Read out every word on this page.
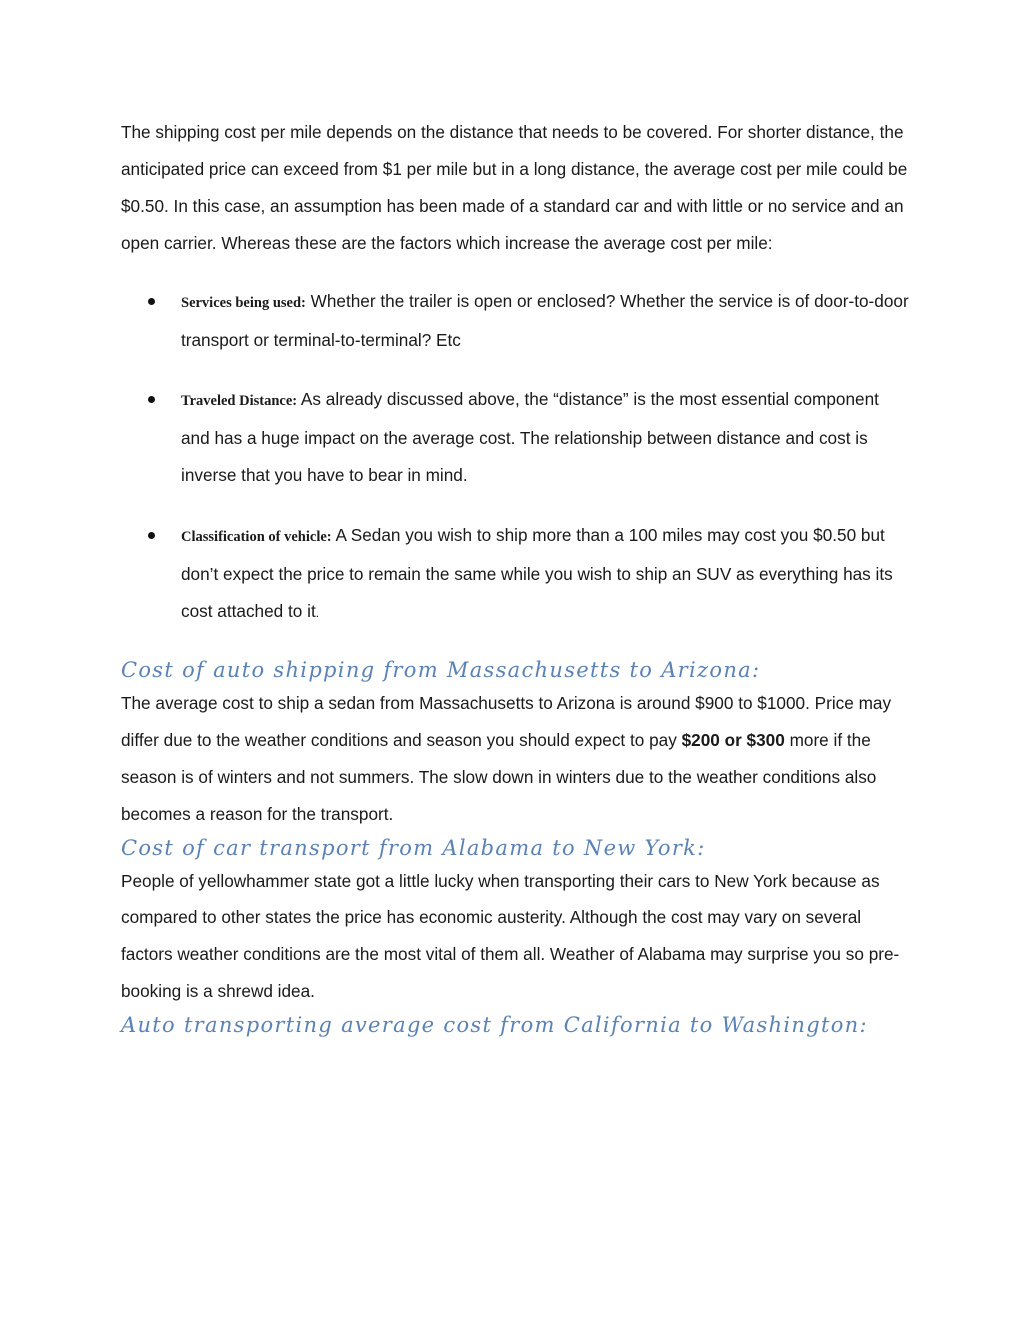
The shipping cost per mile depends on the distance that needs to be covered. For shorter distance, the anticipated price can exceed from $1 per mile but in a long distance, the average cost per mile could be $0.50. In this case, an assumption has been made of a standard car and with little or no service and an open carrier. Whereas these are the factors which increase the average cost per mile:

Services being used: Whether the trailer is open or enclosed? Whether the service is of door-to-door transport or terminal-to-terminal? Etc
Traveled Distance: As already discussed above, the “distance” is the most essential component and has a huge impact on the average cost. The relationship between distance and cost is inverse that you have to bear in mind.
Classification of vehicle: A Sedan you wish to ship more than a 100 miles may cost you $0.50 but don’t expect the price to remain the same while you wish to ship an SUV as everything has its cost attached to it.
Cost of auto shipping from Massachusetts to Arizona:

The average cost to ship a sedan from Massachusetts to Arizona is around $900 to $1000. Price may differ due to the weather conditions and season you should expect to pay $200 or $300 more if the season is of winters and not summers. The slow down in winters due to the weather conditions also becomes a reason for the transport.

Cost of car transport from Alabama to New York:

People of yellowhammer state got a little lucky when transporting their cars to New York because as compared to other states the price has economic austerity. Although the cost may vary on several factors weather conditions are the most vital of them all. Weather of Alabama may surprise you so pre-booking is a shrewd idea.

Auto transporting average cost from California to Washington:
